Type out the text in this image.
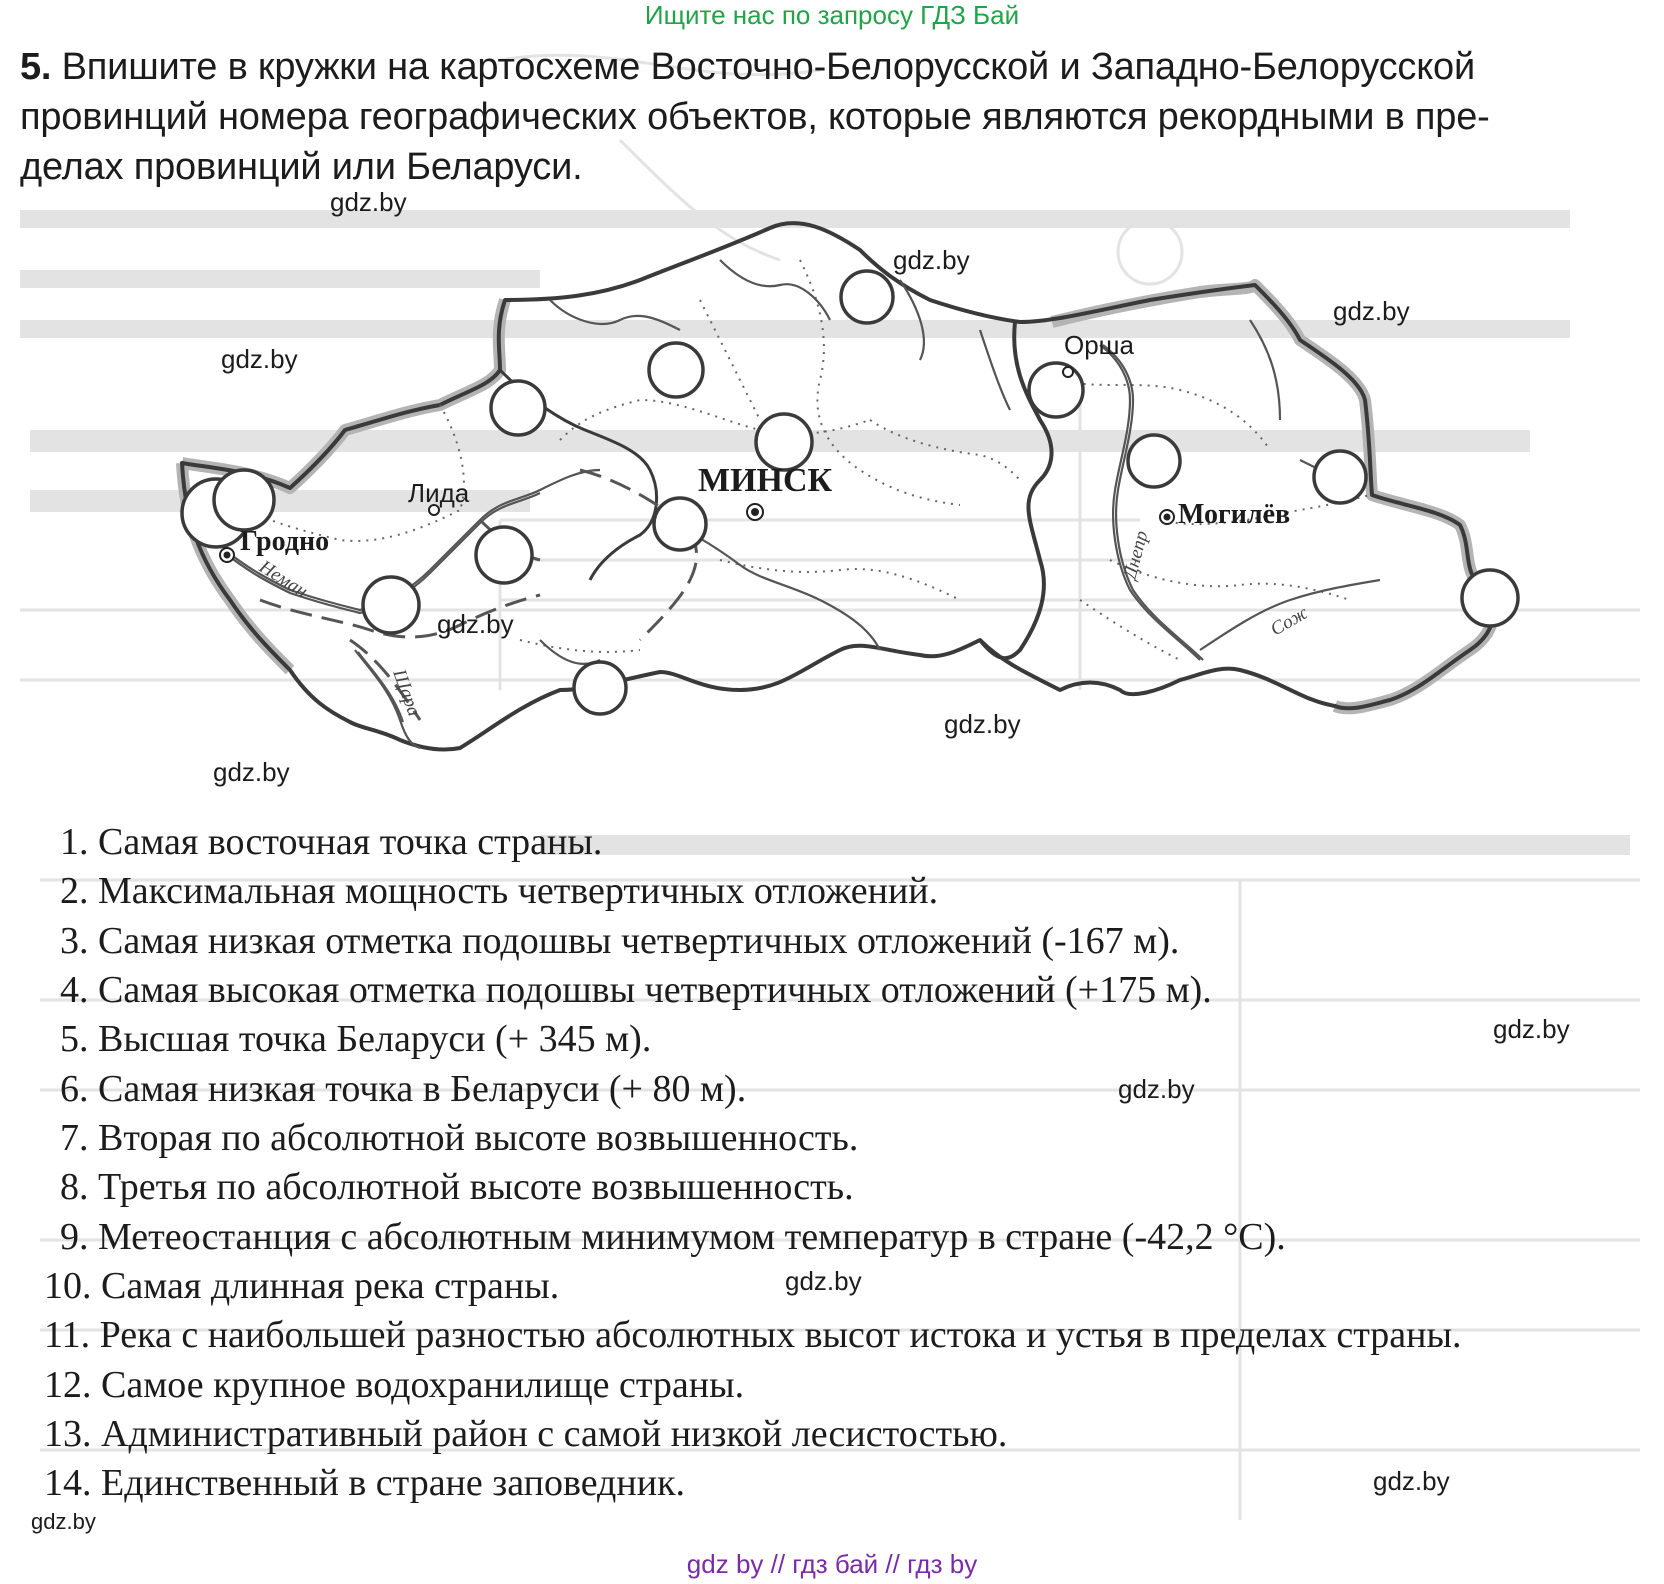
Ищите нас по запросу ГДЗ Бай
5. Впишите в кружки на картосхеме Восточно-Белорусской и Западно-Белорусской
провинций номера географических объектов, которые являются рекордными в пре-
делах провинций или Беларуси.
Гродно
Лида	МИНСК
Орша
Могилёв
Неман
Щара
Днепр
Сож
gdz.by
gdz.by
gdz.by
gdz.by
gdz.by
gdz.by
gdz.by
gdz.by
gdz.by
gdz.by
gdz.by
gdz.by
1. Самая восточная точка страны.
2. Максимальная мощность четвертичных отложений.
3. Самая низкая отметка подошвы четвертичных отложений (-167 м).
4. Самая высокая отметка подошвы четвертичных отложений (+175 м).
5. Высшая точка Беларуси (+ 345 м).
6. Самая низкая точка в Беларуси (+ 80 м).
7. Вторая по абсолютной высоте возвышенность.
8. Третья по абсолютной высоте возвышенность.
9. Метеостанция с абсолютным минимумом температур в стране (-42,2 °С).
10. Самая длинная река страны.
11. Река с наибольшей разностью абсолютных высот истока и устья в пределах страны.
12. Самое крупное водохранилище страны.
13. Административный район с самой низкой лесистостью.
14. Единственный в стране заповедник.
gdz by // гдз бай // гдз by
